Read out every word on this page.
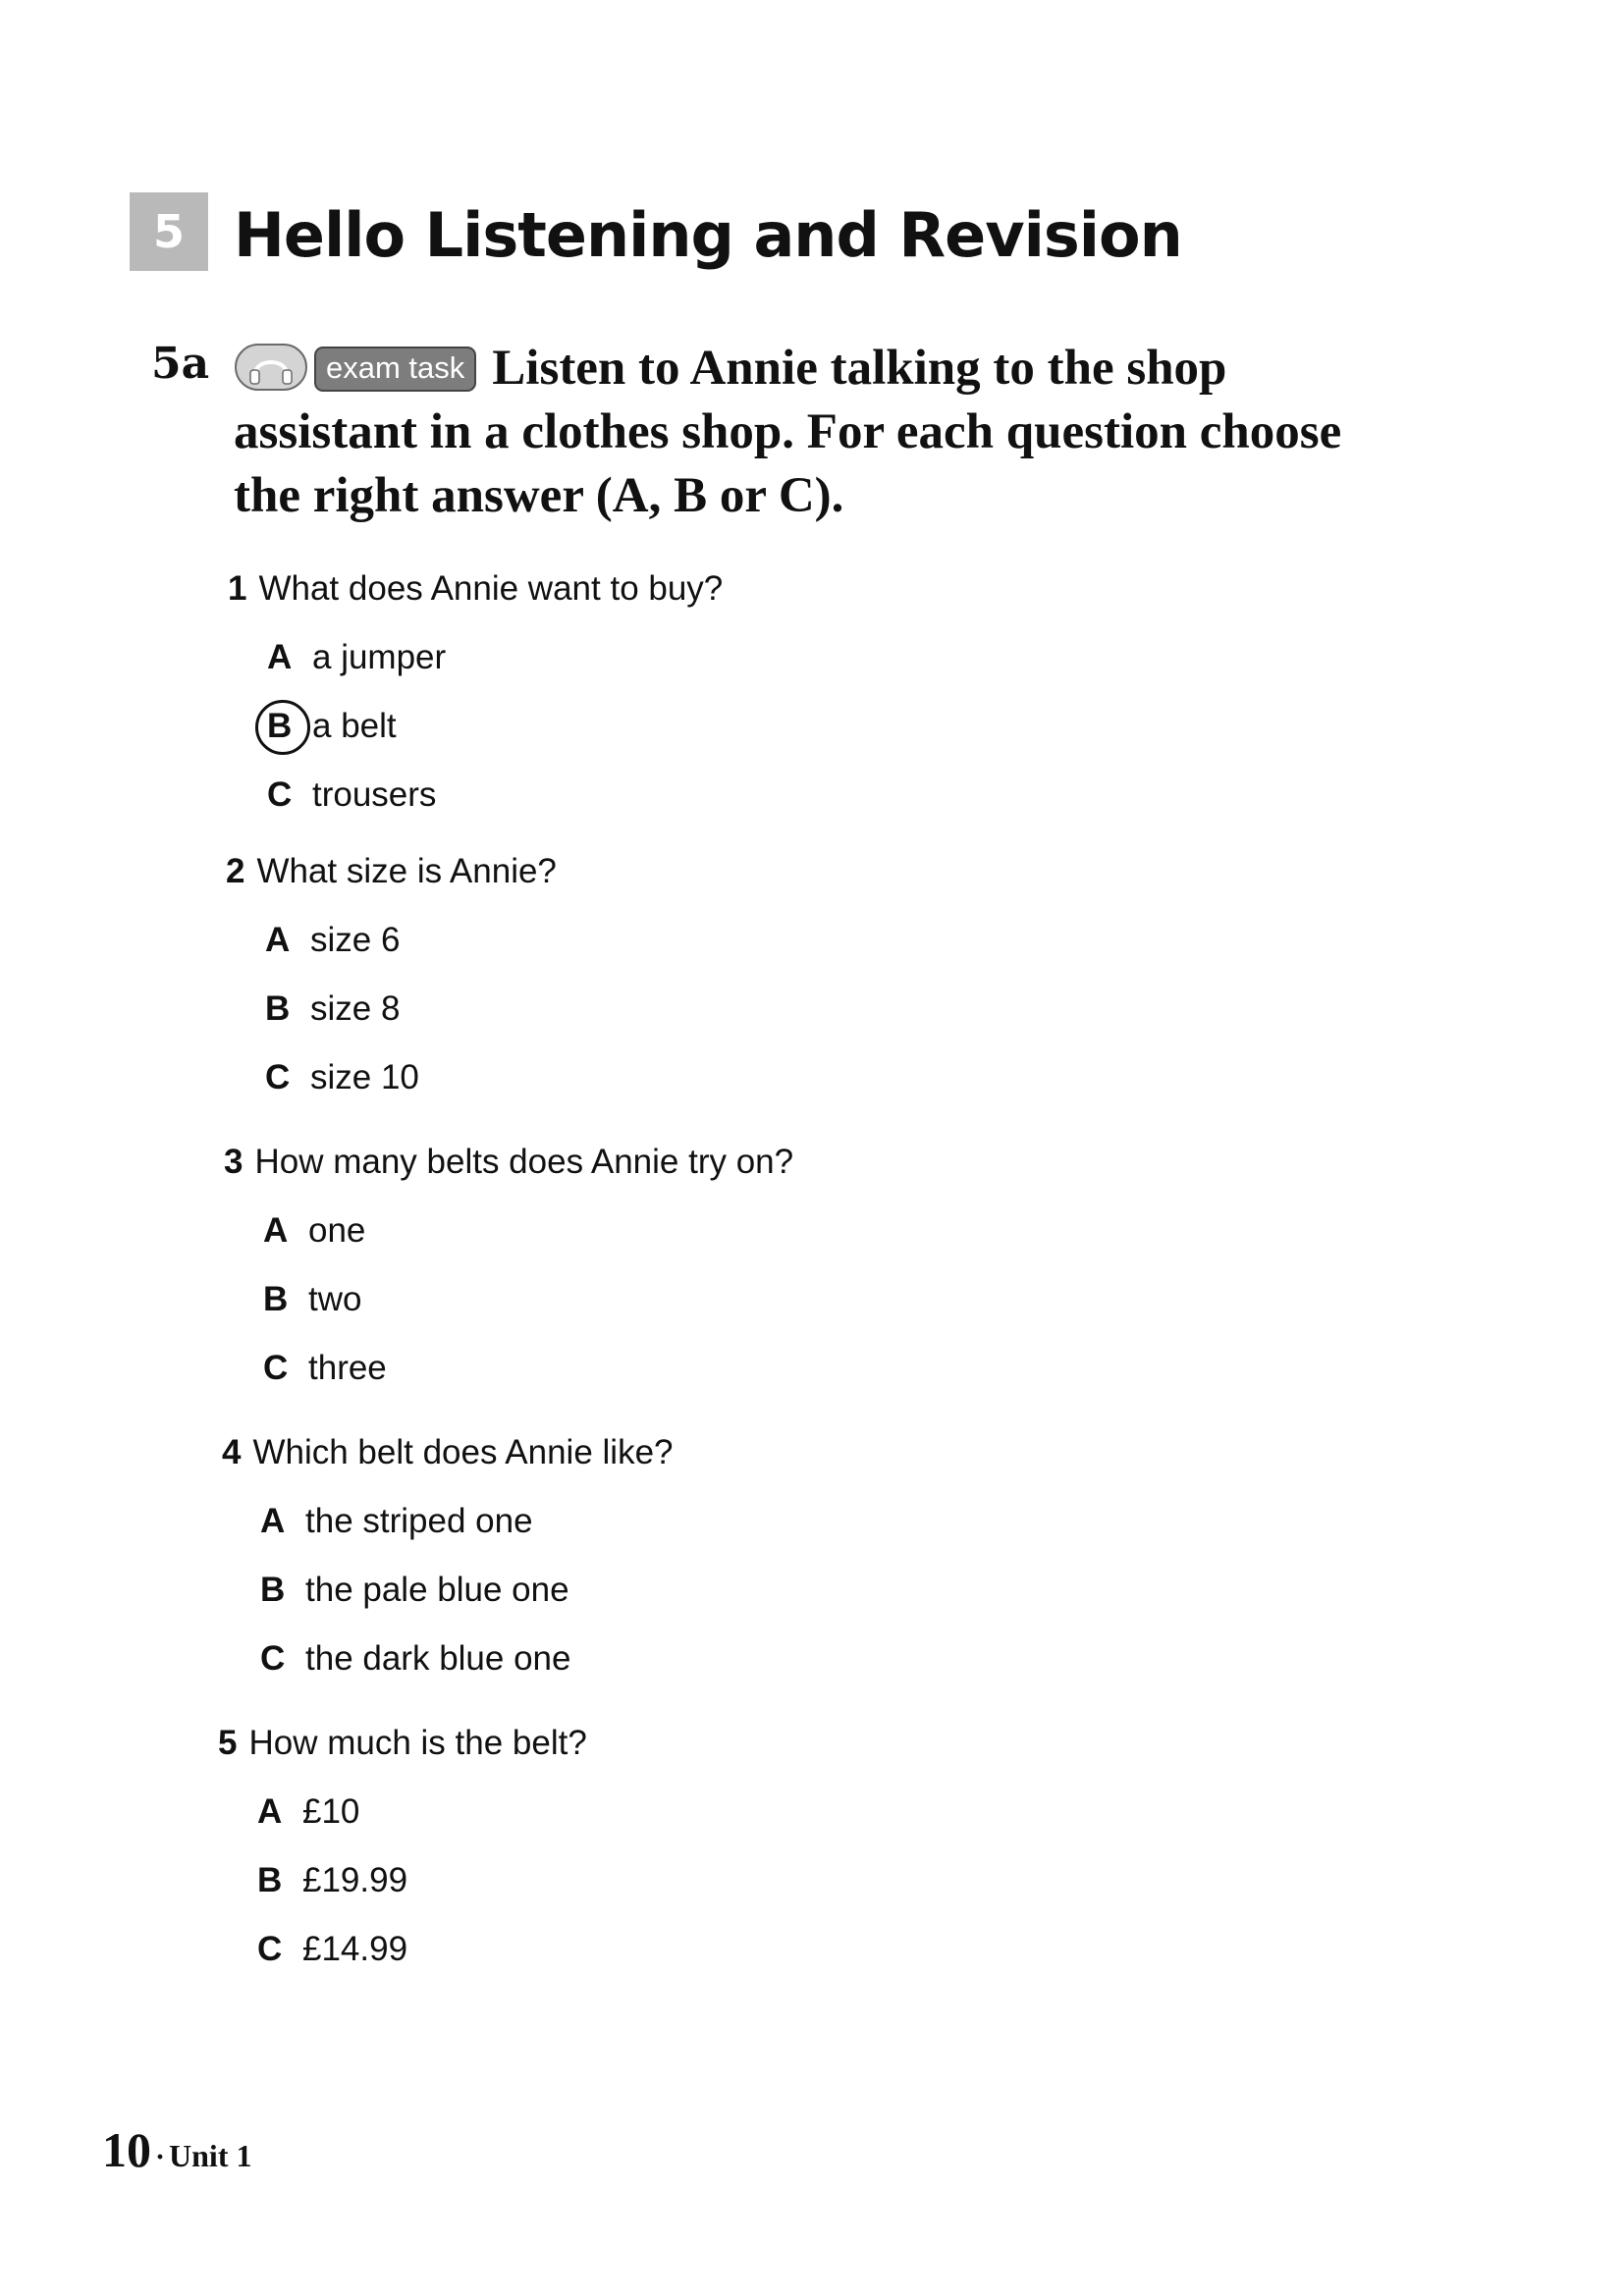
5 Hello Listening and Revision
5a	exam task Listen to Annie talking to the shop assistant in a clothes shop. For each question choose the right answer (A, B or C).

1 What does Annie want to buy?
A a jumper
B a belt
C trousers
2 What size is Annie?
A size 6
B size 8
C size 10
3 How many belts does Annie try on?
A one
B two
C three
4 Which belt does Annie like?
A the striped one
B the pale blue one
C the dark blue one
5 How much is the belt?
A £10
B £19.99
C £14.99
10 · Unit 1
